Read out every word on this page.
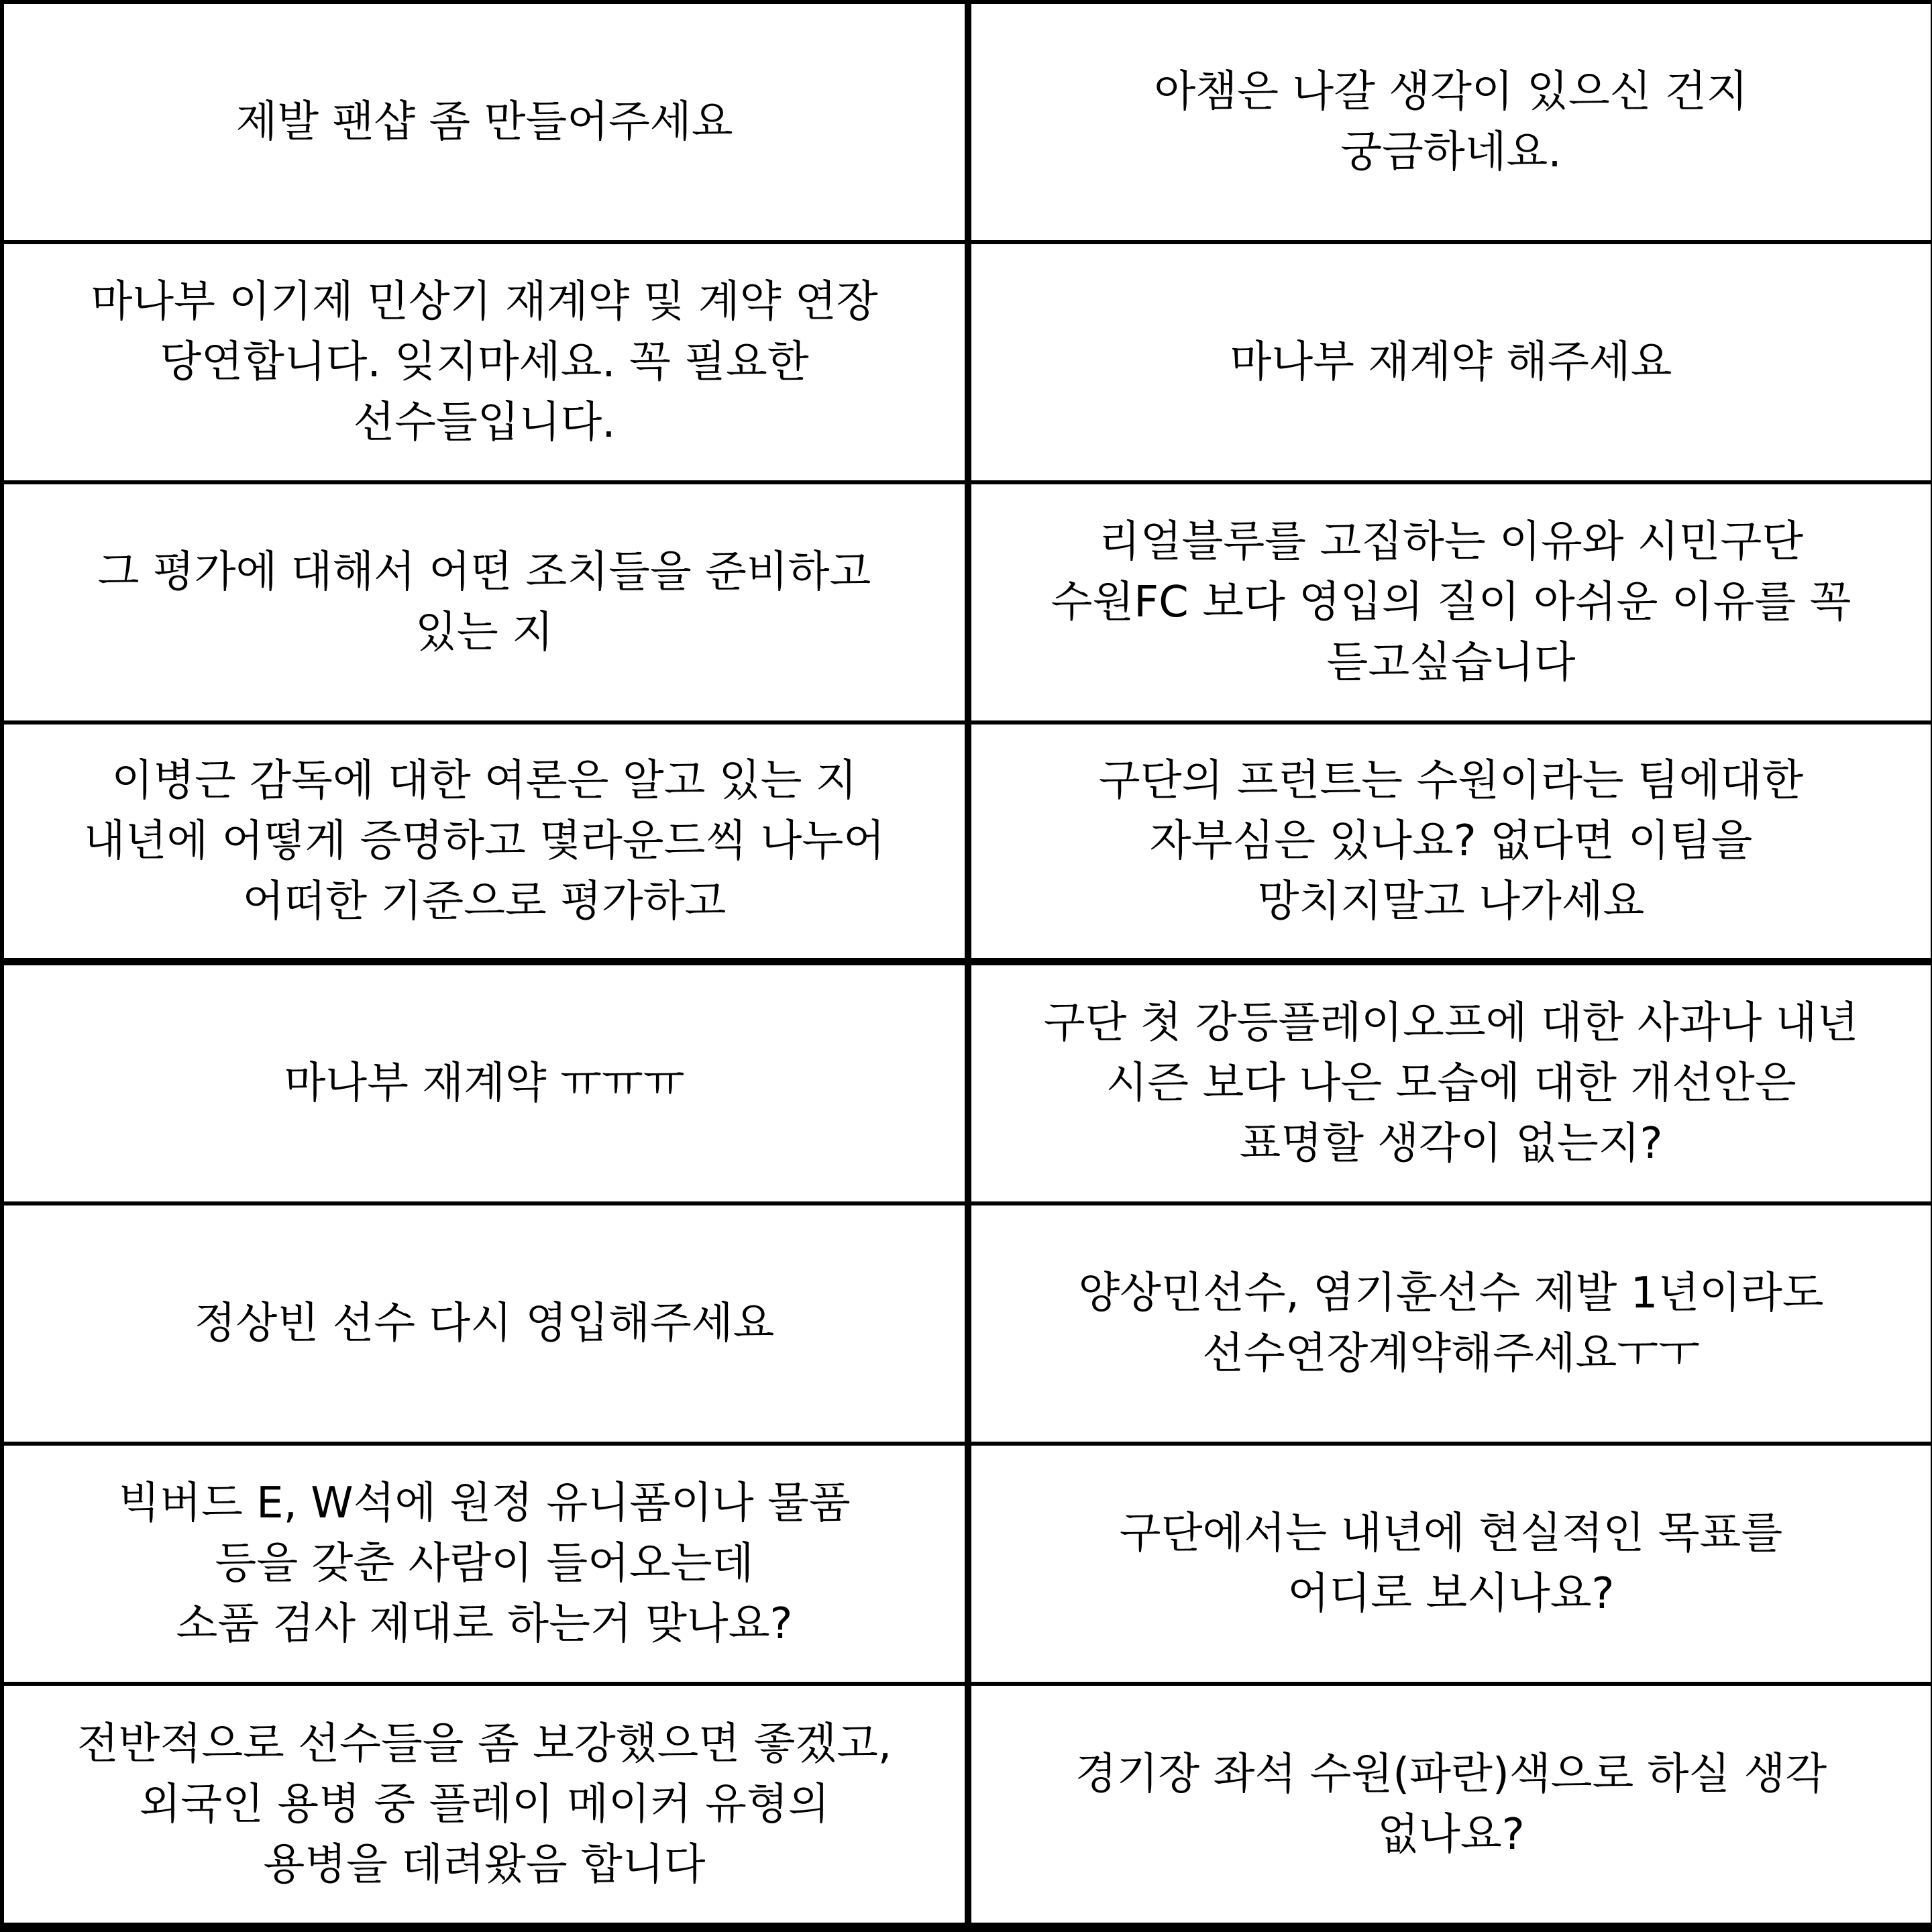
제발 팬샵 좀 만들어주세요
아챔은 나갈 생각이 있으신 건지
궁금하네요.
마나부 이기제 민상기 재계약 및 계약 연장
당연합니다. 잊지마세요. 꼭 필요한
선수들입니다.
마나부 재계약 해주세요
그 평가에 대해서 어떤 조치들을 준비하고
있는 지
리얼블루를 고집하는 이유와 시민구단
수원FC 보다 영입의 질이 아쉬운 이유를 꼭
듣고싶습니다
이병근 감독에 대한 여론은 알고 있는 지
내년에 어떻게 증명하고 몇라운드씩 나누어
어떠한 기준으로 평가하고
구단의 프런트는 수원이라는 팀에대한
자부심은 있나요? 없다면 이팀을
망치지말고 나가세요
마나부 재계약 ㅠㅠㅠ
구단 첫 강등플레이오프에 대한 사과나 내년
시즌 보다 나은 모습에 대한 개선안은
표명할 생각이 없는지?
정상빈 선수 다시 영입해주세요
양상민선수, 염기훈선수 제발 1년이라도
선수연장계약해주세요ㅜㅜ
빅버드 E, W석에 원정 유니폼이나 물품
등을 갖춘 사람이 들어오는데
소품 검사 제대로 하는거 맞나요?
구단에서는 내년에 현실적인 목표를
어디로 보시나요?
전반적으로 선수들을 좀 보강했으면 좋겠고,
외국인 용병 중 플레이 메이커 유형의
용병을 데려왔음 합니다
경기장 좌석 수원(파란)색으로 하실 생각
없나요?
